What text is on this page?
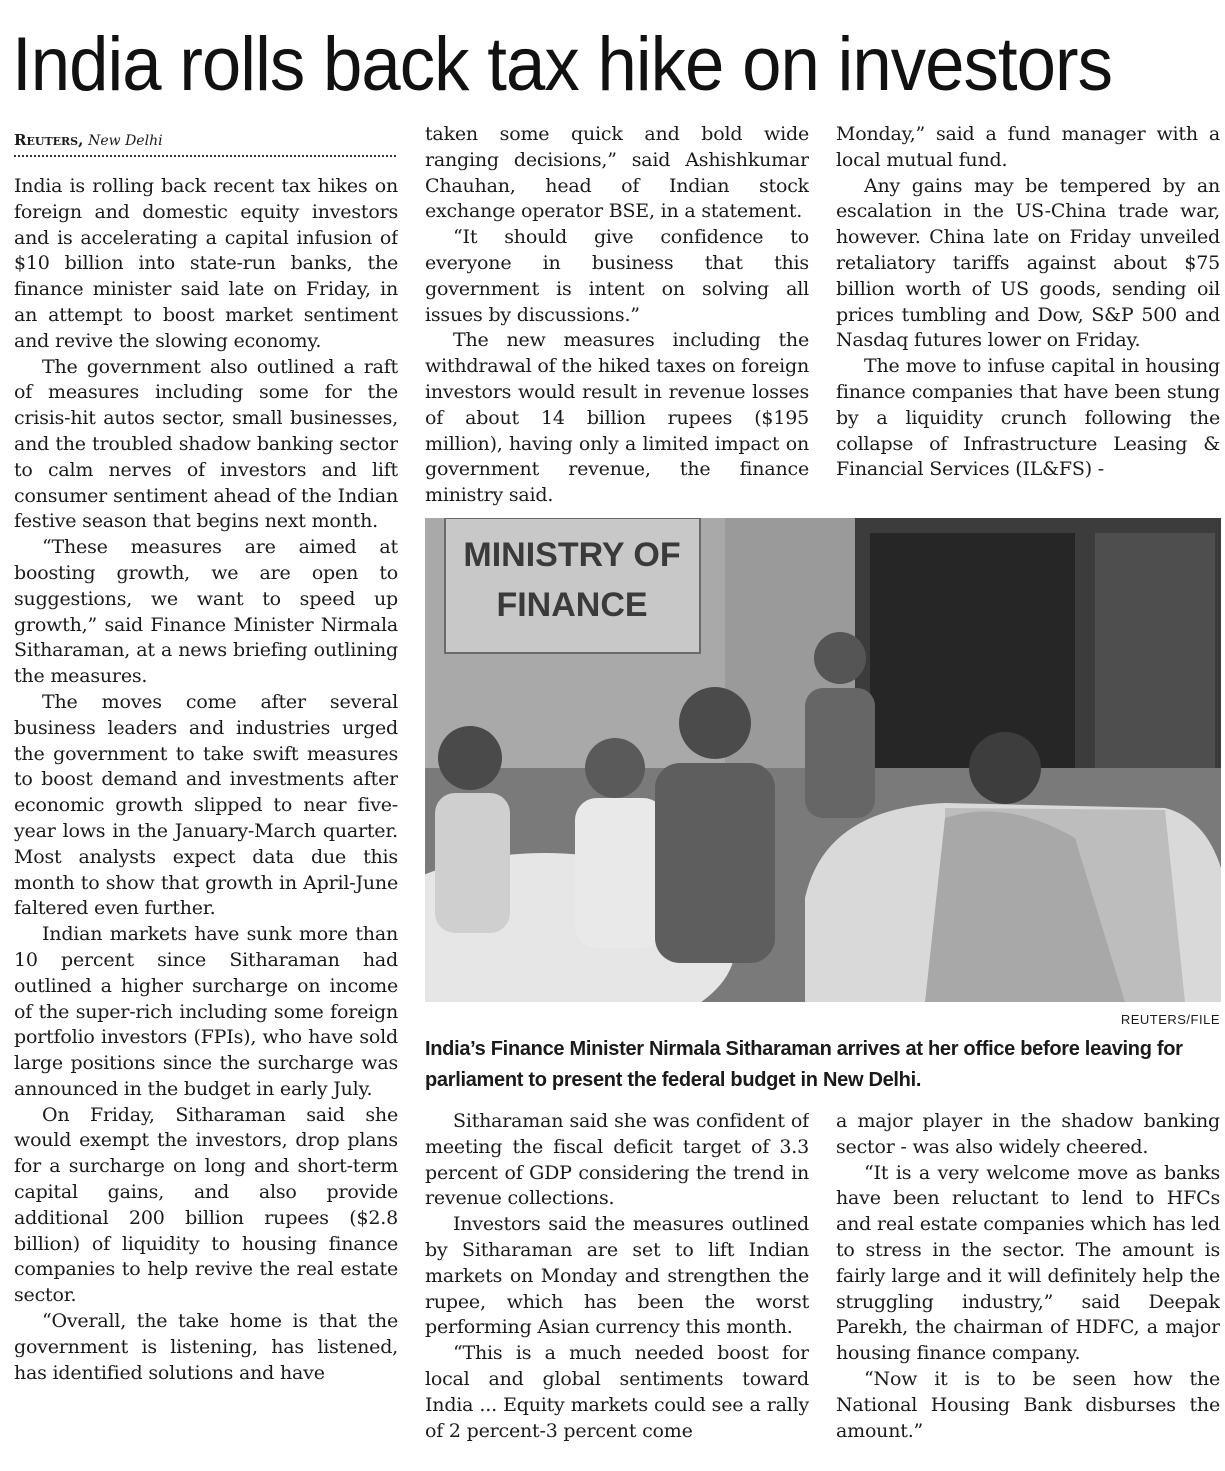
India rolls back tax hike on investors
Reuters, New Delhi

India is rolling back recent tax hikes on foreign and domestic equity investors and is accelerating a capital infusion of $10 billion into state-run banks, the finance minister said late on Friday, in an attempt to boost market sentiment and revive the slowing economy.

The government also outlined a raft of measures including some for the crisis-hit autos sector, small businesses, and the troubled shadow banking sector to calm nerves of investors and lift consumer sentiment ahead of the Indian festive season that begins next month.

“These measures are aimed at boosting growth, we are open to suggestions, we want to speed up growth,” said Finance Minister Nirmala Sitharaman, at a news briefing outlining the measures.

The moves come after several business leaders and industries urged the government to take swift measures to boost demand and investments after economic growth slipped to near five-year lows in the January-March quarter. Most analysts expect data due this month to show that growth in April-June faltered even further.

Indian markets have sunk more than 10 percent since Sitharaman had outlined a higher surcharge on income of the super-rich including some foreign portfolio investors (FPIs), who have sold large positions since the surcharge was announced in the budget in early July.

On Friday, Sitharaman said she would exempt the investors, drop plans for a surcharge on long and short-term capital gains, and also provide additional 200 billion rupees ($2.8 billion) of liquidity to housing finance companies to help revive the real estate sector.

“Overall, the take home is that the government is listening, has listened, has identified solutions and have

taken some quick and bold wide ranging decisions,” said Ashishkumar Chauhan, head of Indian stock exchange operator BSE, in a statement.

“It should give confidence to everyone in business that this government is intent on solving all issues by discussions.”

The new measures including the withdrawal of the hiked taxes on foreign investors would result in revenue losses of about 14 billion rupees ($195 million), having only a limited impact on government revenue, the finance ministry said.

Monday,” said a fund manager with a local mutual fund.

Any gains may be tempered by an escalation in the US-China trade war, however. China late on Friday unveiled retaliatory tariffs against about $75 billion worth of US goods, sending oil prices tumbling and Dow, S&P 500 and Nasdaq futures lower on Friday.

The move to infuse capital in housing finance companies that have been stung by a liquidity crunch following the collapse of Infrastructure Leasing & Financial Services (IL&FS) -

MINISTRY OF
FINANCE
REUTERS/FILE
India’s Finance Minister Nirmala Sitharaman arrives at her office before leaving for parliament to present the federal budget in New Delhi.

Sitharaman said she was confident of meeting the fiscal deficit target of 3.3 percent of GDP considering the trend in revenue collections.

Investors said the measures outlined by Sitharaman are set to lift Indian markets on Monday and strengthen the rupee, which has been the worst performing Asian currency this month.

“This is a much needed boost for local and global sentiments toward India ... Equity markets could see a rally of 2 percent-3 percent come

a major player in the shadow banking sector - was also widely cheered.

“It is a very welcome move as banks have been reluctant to lend to HFCs and real estate companies which has led to stress in the sector. The amount is fairly large and it will definitely help the struggling industry,” said Deepak Parekh, the chairman of HDFC, a major housing finance company.

“Now it is to be seen how the National Housing Bank disburses the amount.”
